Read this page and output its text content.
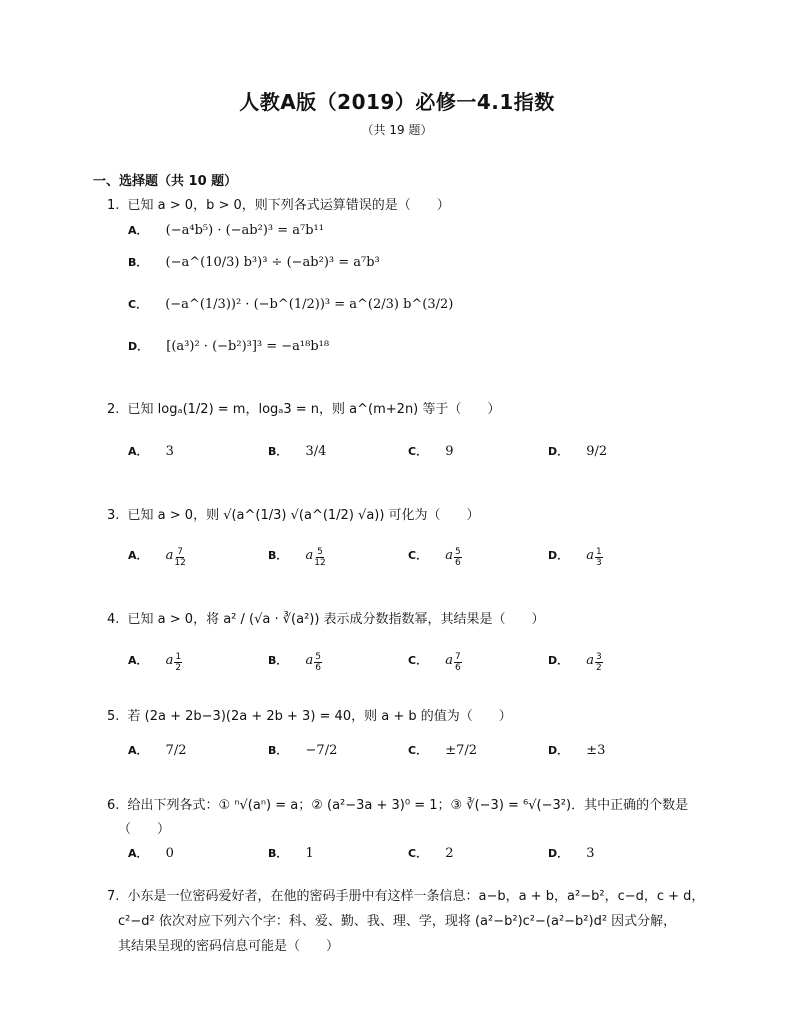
人教A版（2019）必修一4.1指数
（共 19 题）
一、选择题（共 10 题）
1. 已知 a > 0，b > 0，则下列各式运算错误的是（　　）
A． (−a⁴b⁵) · (−ab²)³ = a⁷b¹¹
B． (−a^(10/3) b³)³ ÷ (−ab²)³ = a⁷b³
C． (−a^(1/3))² · (−b^(1/2))³ = a^(2/3) b^(3/2)
D． [(a³)² · (−b²)³]³ = −a¹⁸b¹⁸
2. 已知 logₐ(1/2) = m，logₐ3 = n，则 a^(m+2n) 等于（　　）
A． 3	B． 3/4	C． 9	D． 9/2
3. 已知 a > 0，则 √(a^(1/3) √(a^(1/2) √a)) 可化为（　　）
A． a $\frac{7}{12}$	B． a $\frac{5}{12}$	C． a $\frac{5}{6}$	D． a $\frac{1}{3}$
4. 已知 a > 0，将 a² / (√a · ∛(a²)) 表示成分数指数幂，其结果是（　　）
A． a $\frac{1}{2}$	B． a $\frac{5}{6}$	C． a $\frac{7}{6}$	D． a $\frac{3}{2}$
5. 若 (2a + 2b−3)(2a + 2b + 3) = 40，则 a + b 的值为（　　）
A． 7/2	B． −7/2	C． ±7/2	D． ±3
6. 给出下列各式：① ⁿ√(aⁿ) = a；② (a²−3a + 3)⁰ = 1；③ ∛(−3) = ⁶√(−3²)．其中正确的个数是
（　　）
A． 0	B． 1	C． 2	D． 3
7. 小东是一位密码爱好者，在他的密码手册中有这样一条信息：a−b，a + b，a²−b²，c−d，c + d，
c²−d² 依次对应下列六个字：科、爱、勤、我、理、学，现将 (a²−b²)c²−(a²−b²)d² 因式分解，
其结果呈现的密码信息可能是（　　）
